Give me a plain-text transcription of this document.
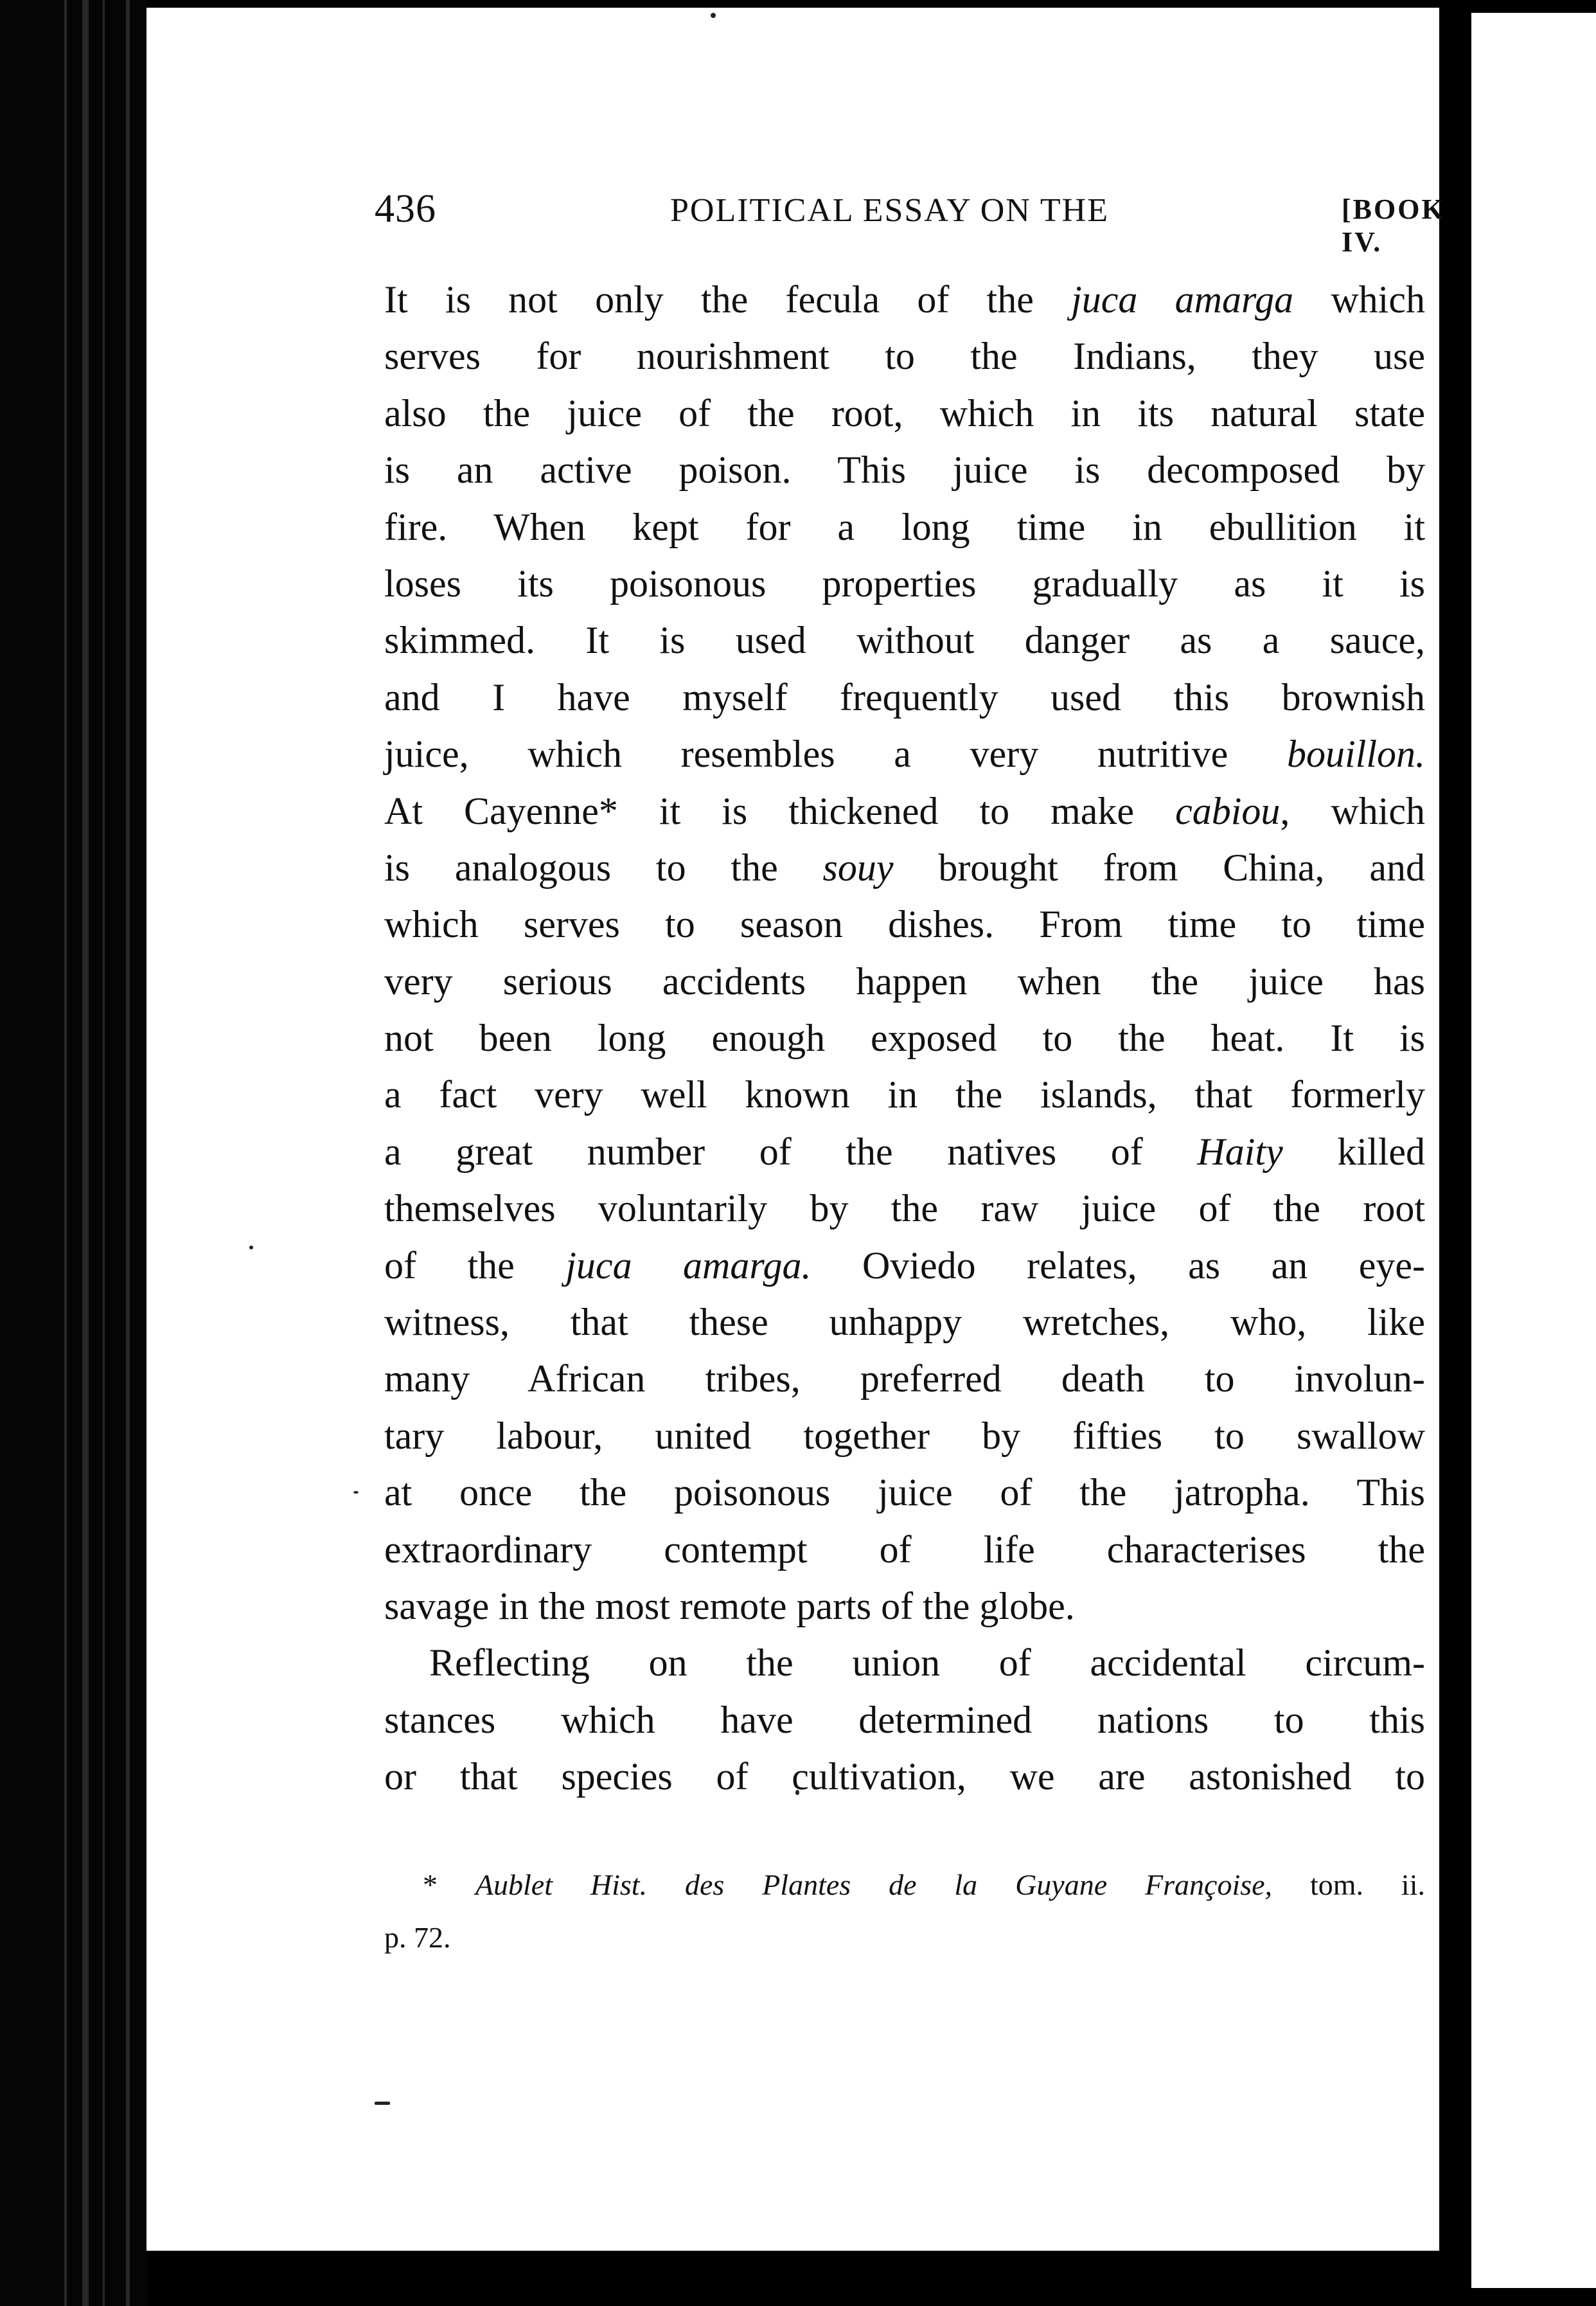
436	POLITICAL ESSAY ON THE	[BOOK IV.
It is not only the fecula of the juca amarga which
serves for nourishment to the Indians, they use
also the juice of the root, which in its natural state
is an active poison. This juice is decomposed by
fire. When kept for a long time in ebullition it
loses its poisonous properties gradually as it is
skimmed. It is used without danger as a sauce,
and I have myself frequently used this brownish
juice, which resembles a very nutritive bouillon.
At Cayenne* it is thickened to make cabiou, which
is analogous to the souy brought from China, and
which serves to season dishes. From time to time
very serious accidents happen when the juice has
not been long enough exposed to the heat. It is
a fact very well known in the islands, that formerly
a great number of the natives of Haity killed
themselves voluntarily by the raw juice of the root
of the juca amarga. Oviedo relates, as an eye-
witness, that these unhappy wretches, who, like
many African tribes, preferred death to involun-
tary labour, united together by fifties to swallow
at once the poisonous juice of the jatropha. This
extraordinary contempt of life characterises the
savage in the most remote parts of the globe.
Reflecting on the union of accidental circum-
stances which have determined nations to this
or that species of cultivation, we are astonished to
* Aublet Hist. des Plantes de la Guyane Françoise, tom. ii.
p. 72.
